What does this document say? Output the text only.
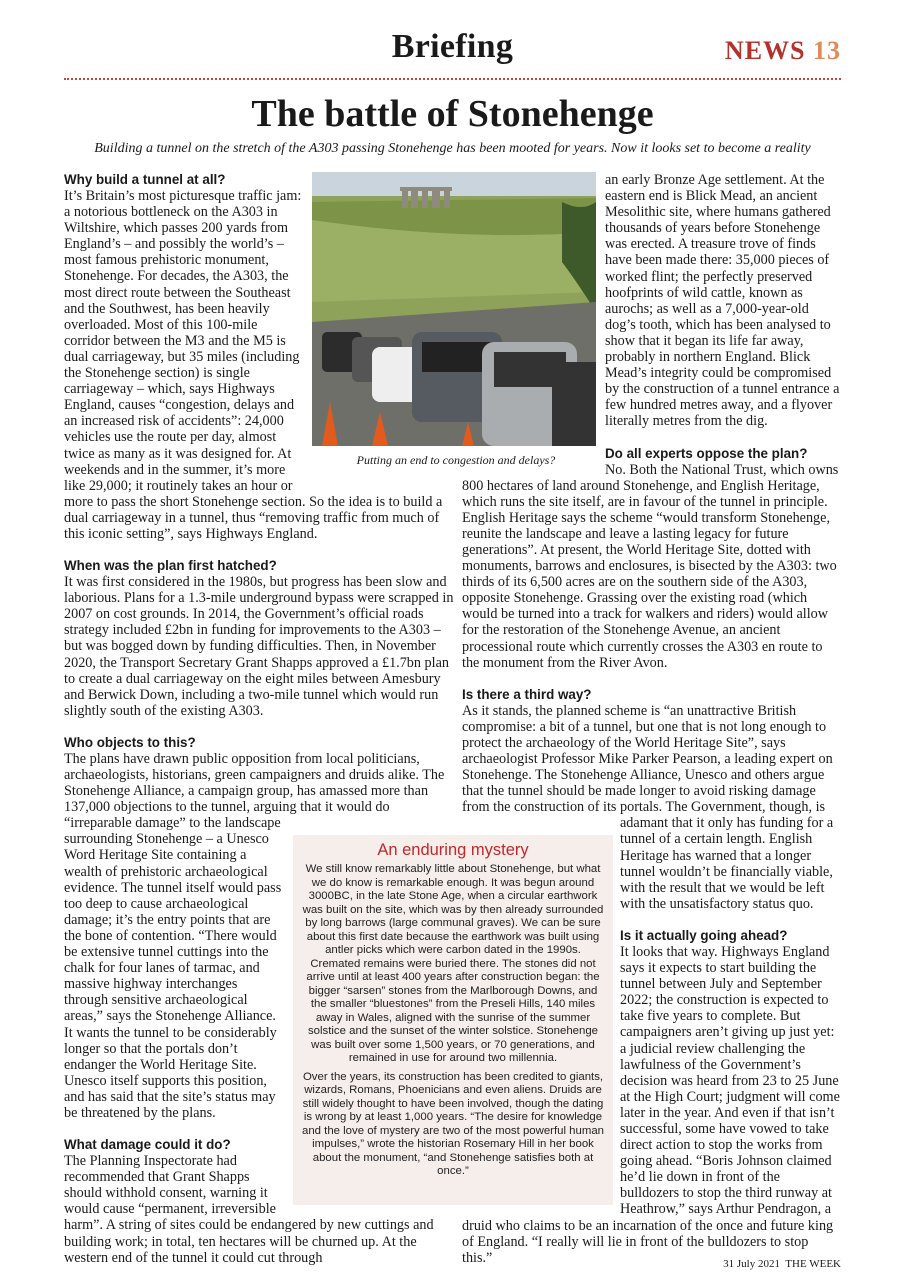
Briefing	NEWS 13
The battle of Stonehenge
Building a tunnel on the stretch of the A303 passing Stonehenge has been mooted for years. Now it looks set to become a reality
Why build a tunnel at all?

It’s Britain’s most picturesque traffic jam: a notorious bottleneck on the A303 in Wiltshire, which passes 200 yards from England’s – and possibly the world’s – most famous prehistoric monument, Stonehenge. For decades, the A303, the most direct route between the Southeast and the Southwest, has been heavily overloaded. Most of this 100-mile corridor between the M3 and the M5 is dual carriageway, but 35 miles (including the Stonehenge section) is single carriageway – which, says Highways England, causes “congestion, delays and an increased risk of accidents”: 24,000 vehicles use the route per day, almost twice as many as it was designed for. At weekends and in the summer, it’s more like 29,000; it routinely takes an hour or more to pass the short Stonehenge section. So the idea is to build a dual carriageway in a tunnel, thus “removing traffic from much of this iconic setting”, says Highways England.

When was the plan first hatched?

It was first considered in the 1980s, but progress has been slow and laborious. Plans for a 1.3-mile underground bypass were scrapped in 2007 on cost grounds. In 2014, the Government’s official roads strategy included £2bn in funding for improvements to the A303 – but was bogged down by funding difficulties. Then, in November 2020, the Transport Secretary Grant Shapps approved a £1.7bn plan to create a dual carriageway on the eight miles between Amesbury and Berwick Down, including a two-mile tunnel which would run slightly south of the existing A303.

Who objects to this?

The plans have drawn public opposition from local politicians, archaeologists, historians, green campaigners and druids alike. The Stonehenge Alliance, a campaign group, has amassed more than 137,000 objections to the tunnel, arguing that it would do “irreparable damage” to the landscape surrounding Stonehenge – a Unesco Word Heritage Site containing a wealth of prehistoric archaeological evidence. The tunnel itself would pass too deep to cause archaeological damage; it’s the entry points that are the bone of contention. “There would be extensive tunnel cuttings into the chalk for four lanes of tarmac, and massive highway interchanges through sensitive archaeological areas,” says the Stonehenge Alliance. It wants the tunnel to be considerably longer so that the portals don’t endanger the World Heritage Site. Unesco itself supports this position, and has said that the site’s status may be threatened by the plans.

What damage could it do?

The Planning Inspectorate had recommended that Grant Shapps should withhold consent, warning it would cause “permanent, irreversible harm”. A string of sites could be endangered by new cuttings and building work; in total, ten hectares will be churned up. At the western end of the tunnel it could cut through

an early Bronze Age settlement. At the eastern end is Blick Mead, an ancient Mesolithic site, where humans gathered thousands of years before Stonehenge was erected. A treasure trove of finds have been made there: 35,000 pieces of worked flint; the perfectly preserved hoofprints of wild cattle, known as aurochs; as well as a 7,000-year-old dog’s tooth, which has been analysed to show that it began its life far away, probably in northern England. Blick Mead’s integrity could be compromised by the construction of a tunnel entrance a few hundred metres away, and a flyover literally metres from the dig.

Do all experts oppose the plan?

No. Both the National Trust, which owns 800 hectares of land around Stonehenge, and English Heritage, which runs the site itself, are in favour of the tunnel in principle. English Heritage says the scheme “would transform Stonehenge, reunite the landscape and leave a lasting legacy for future generations”. At present, the World Heritage Site, dotted with monuments, barrows and enclosures, is bisected by the A303: two thirds of its 6,500 acres are on the southern side of the A303, opposite Stonehenge. Grassing over the existing road (which would be turned into a track for walkers and riders) would allow for the restoration of the Stonehenge Avenue, an ancient processional route which currently crosses the A303 en route to the monument from the River Avon.

Is there a third way?

As it stands, the planned scheme is “an unattractive British compromise: a bit of a tunnel, but one that is not long enough to protect the archaeology of the World Heritage Site”, says archaeologist Professor Mike Parker Pearson, a leading expert on Stonehenge. The Stonehenge Alliance, Unesco and others argue that the tunnel should be made longer to avoid risking damage from the construction of its portals. The Government, though, is adamant that it only has funding for a tunnel of a certain length. English Heritage has warned that a longer tunnel wouldn’t be financially viable, with the result that we would be left with the unsatisfactory status quo.

Is it actually going ahead?

It looks that way. Highways England says it expects to start building the tunnel between July and September 2022; the construction is expected to take five years to complete. But campaigners aren’t giving up just yet: a judicial review challenging the lawfulness of the Government’s decision was heard from 23 to 25 June at the High Court; judgment will come later in the year. And even if that isn’t successful, some have vowed to take direct action to stop the works from going ahead. “Boris Johnson claimed he’d lie down in front of the bulldozers to stop the third runway at Heathrow,” says Arthur Pendragon, a druid who claims to be an incarnation of the once and future king of England. “I really will lie in front of the bulldozers to stop this.”

Putting an end to congestion and delays?
An enduring mystery

We still know remarkably little about Stonehenge, but what we do know is remarkable enough. It was begun around 3000BC, in the late Stone Age, when a circular earthwork was built on the site, which was by then already surrounded by long barrows (large communal graves). We can be sure about this first date because the earthwork was built using antler picks which were carbon dated in the 1990s. Cremated remains were buried there. The stones did not arrive until at least 400 years after construction began: the bigger “sarsen” stones from the Marlborough Downs, and the smaller “bluestones” from the Preseli Hills, 140 miles away in Wales, aligned with the sunrise of the summer solstice and the sunset of the winter solstice. Stonehenge was built over some 1,500 years, or 70 generations, and remained in use for around two millennia.

Over the years, its construction has been credited to giants, wizards, Romans, Phoenicians and even aliens. Druids are still widely thought to have been involved, though the dating is wrong by at least 1,000 years. “The desire for knowledge and the love of mystery are two of the most powerful human impulses,” wrote the historian Rosemary Hill in her book about the monument, “and Stonehenge satisfies both at once.”

31 July 2021 THE WEEK
